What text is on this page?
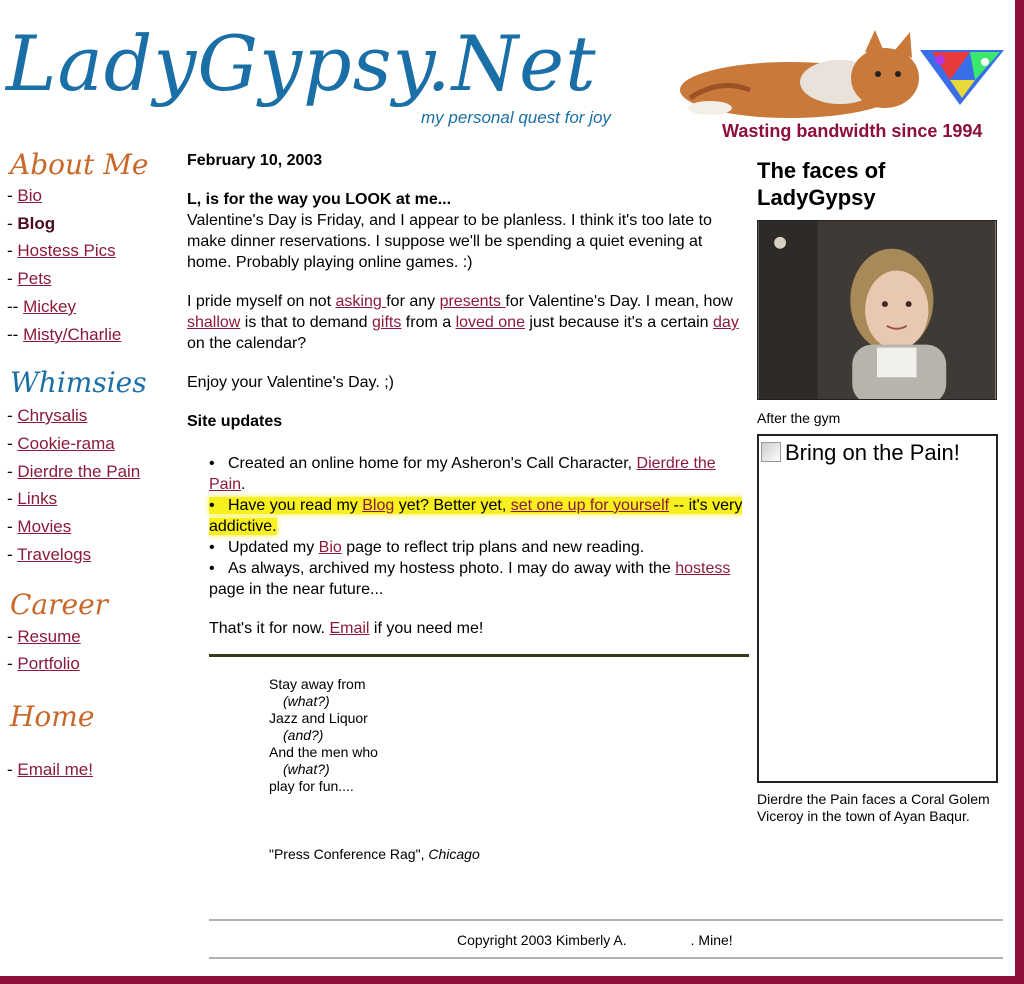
LadyGypsy.Net
my personal quest for joy
Wasting bandwidth since 1994
About Me
- Bio
- Blog
- Hostess Pics
- Pets
-- Mickey
-- Misty/Charlie
Whimsies
- Chrysalis
- Cookie-rama
- Dierdre the Pain
- Links
- Movies
- Travelogs
Career
- Resume
- Portfolio
Home
- Email me!
February 10, 2003
L, is for the way you LOOK at me...
Valentine's Day is Friday, and I appear to be planless. I think it's too late to make dinner reservations. I suppose we'll be spending a quiet evening at home. Probably playing online games. :)
I pride myself on not asking for any presents for Valentine's Day. I mean, how shallow is that to demand gifts from a loved one just because it's a certain day on the calendar?
Enjoy your Valentine's Day. ;)
Site updates
•   Created an online home for my Asheron's Call Character, Dierdre the Pain.
•   Have you read my Blog yet? Better yet, set one up for yourself -- it's very addictive.
•   Updated my Bio page to reflect trip plans and new reading.
•   As always, archived my hostess photo. I may do away with the hostess page in the near future...
That's it for now. Email if you need me!
Stay away from
(what?)
Jazz and Liquor
(and?)
And the men who
(what?)
play for fun....
"Press Conference Rag", Chicago
Copyright 2003 Kimberly A.	. Mine!
The faces of LadyGypsy
After the gym
Bring on the Pain!
Dierdre the Pain faces a Coral Golem Viceroy in the town of Ayan Baqur.
